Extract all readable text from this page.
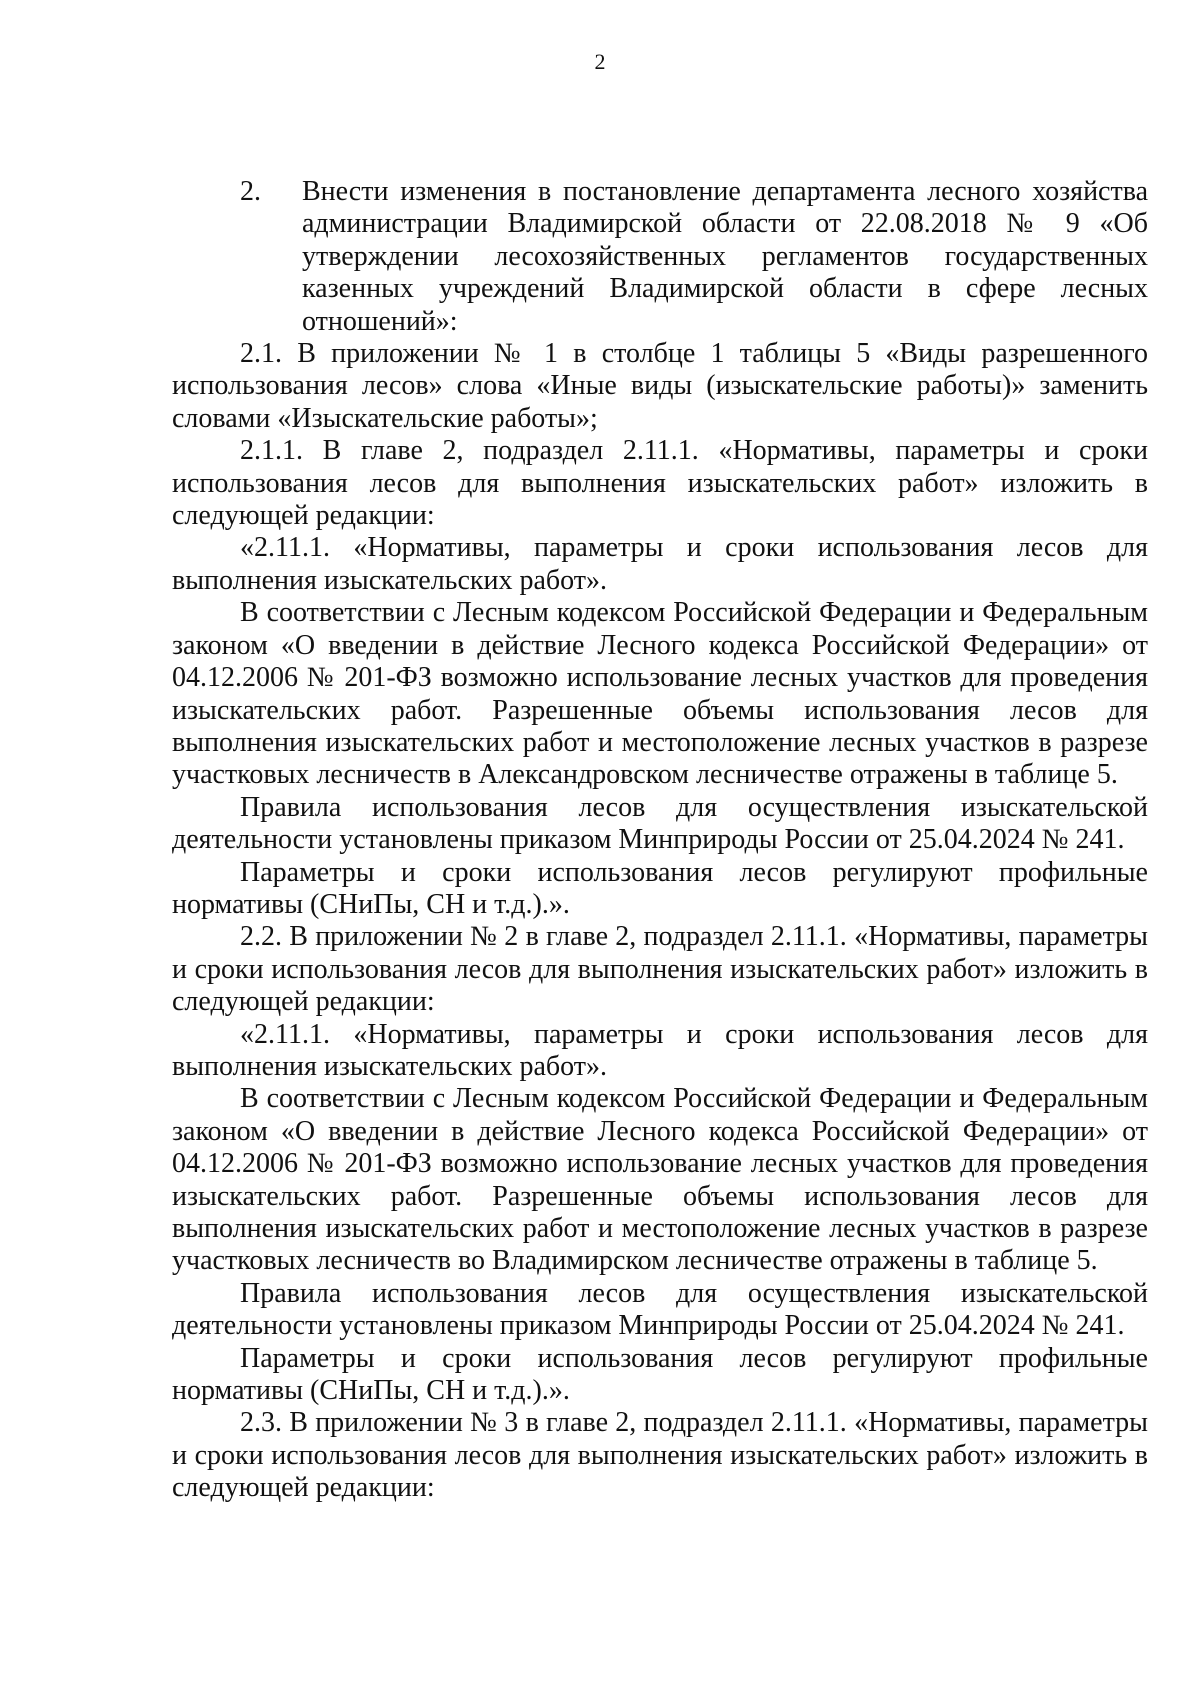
2

2.	Внести изменения в постановление департамента лесного хозяйства администрации Владимирской области от 22.08.2018 № 9 «Об утверждении лесохозяйственных регламентов государственных казенных учреждений Владимирской области в сфере лесных отношений»:

2.1. В приложении № 1 в столбце 1 таблицы 5 «Виды разрешенного использования лесов» слова «Иные виды (изыскательские работы)» заменить словами «Изыскательские работы»;

2.1.1. В главе 2, подраздел 2.11.1. «Нормативы, параметры и сроки использования лесов для выполнения изыскательских работ» изложить в следующей редакции:

«2.11.1. «Нормативы, параметры и сроки использования лесов для выполнения изыскательских работ».

В соответствии с Лесным кодексом Российской Федерации и Федеральным законом «О введении в действие Лесного кодекса Российской Федерации» от 04.12.2006 № 201-ФЗ возможно использование лесных участков для проведения изыскательских работ. Разрешенные объемы использования лесов для выполнения изыскательских работ и местоположение лесных участков в разрезе участковых лесничеств в Александровском лесничестве отражены в таблице 5.

Правила использования лесов для осуществления изыскательской деятельности установлены приказом Минприроды России от 25.04.2024 № 241.

Параметры и сроки использования лесов регулируют профильные нормативы (СНиПы, СН и т.д.).».

2.2. В приложении № 2 в главе 2, подраздел 2.11.1. «Нормативы, параметры и сроки использования лесов для выполнения изыскательских работ» изложить в следующей редакции:

«2.11.1. «Нормативы, параметры и сроки использования лесов для выполнения изыскательских работ».

В соответствии с Лесным кодексом Российской Федерации и Федеральным законом «О введении в действие Лесного кодекса Российской Федерации» от 04.12.2006 № 201-ФЗ возможно использование лесных участков для проведения изыскательских работ. Разрешенные объемы использования лесов для выполнения изыскательских работ и местоположение лесных участков в разрезе участковых лесничеств во Владимирском лесничестве отражены в таблице 5.

Правила использования лесов для осуществления изыскательской деятельности установлены приказом Минприроды России от 25.04.2024 № 241.

Параметры и сроки использования лесов регулируют профильные нормативы (СНиПы, СН и т.д.).».

2.3. В приложении № 3 в главе 2, подраздел 2.11.1. «Нормативы, параметры и сроки использования лесов для выполнения изыскательских работ» изложить в следующей редакции:
